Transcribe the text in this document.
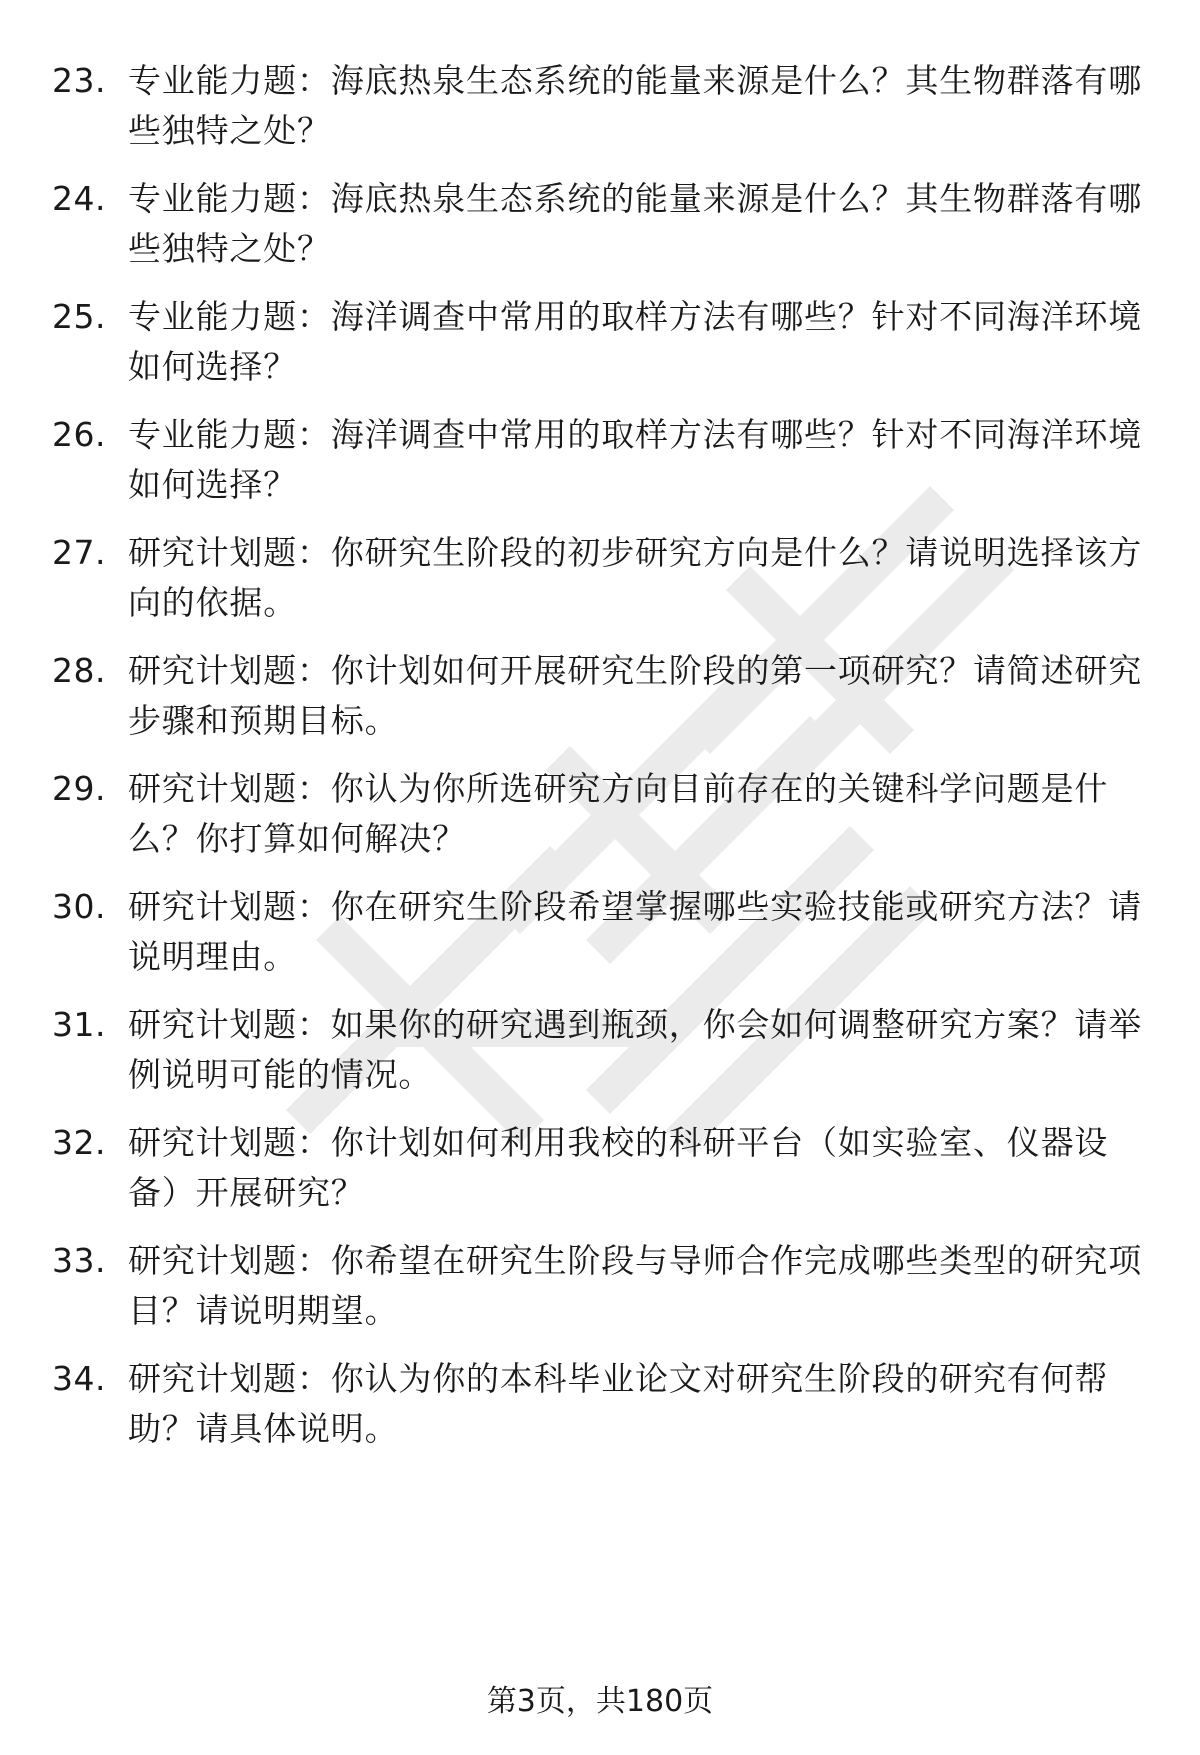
23. 专业能力题：海底热泉生态系统的能量来源是什么？其生物群落有哪些独特之处？
24. 专业能力题：海底热泉生态系统的能量来源是什么？其生物群落有哪些独特之处？
25. 专业能力题：海洋调查中常用的取样方法有哪些？针对不同海洋环境如何选择？
26. 专业能力题：海洋调查中常用的取样方法有哪些？针对不同海洋环境如何选择？
27. 研究计划题：你研究生阶段的初步研究方向是什么？请说明选择该方向的依据。
28. 研究计划题：你计划如何开展研究生阶段的第一项研究？请简述研究步骤和预期目标。
29. 研究计划题：你认为你所选研究方向目前存在的关键科学问题是什么？你打算如何解决？
30. 研究计划题：你在研究生阶段希望掌握哪些实验技能或研究方法？请说明理由。
31. 研究计划题：如果你的研究遇到瓶颈，你会如何调整研究方案？请举例说明可能的情况。
32. 研究计划题：你计划如何利用我校的科研平台（如实验室、仪器设备）开展研究？
33. 研究计划题：你希望在研究生阶段与导师合作完成哪些类型的研究项目？请说明期望。
34. 研究计划题：你认为你的本科毕业论文对研究生阶段的研究有何帮助？请具体说明。
第3页，共180页
